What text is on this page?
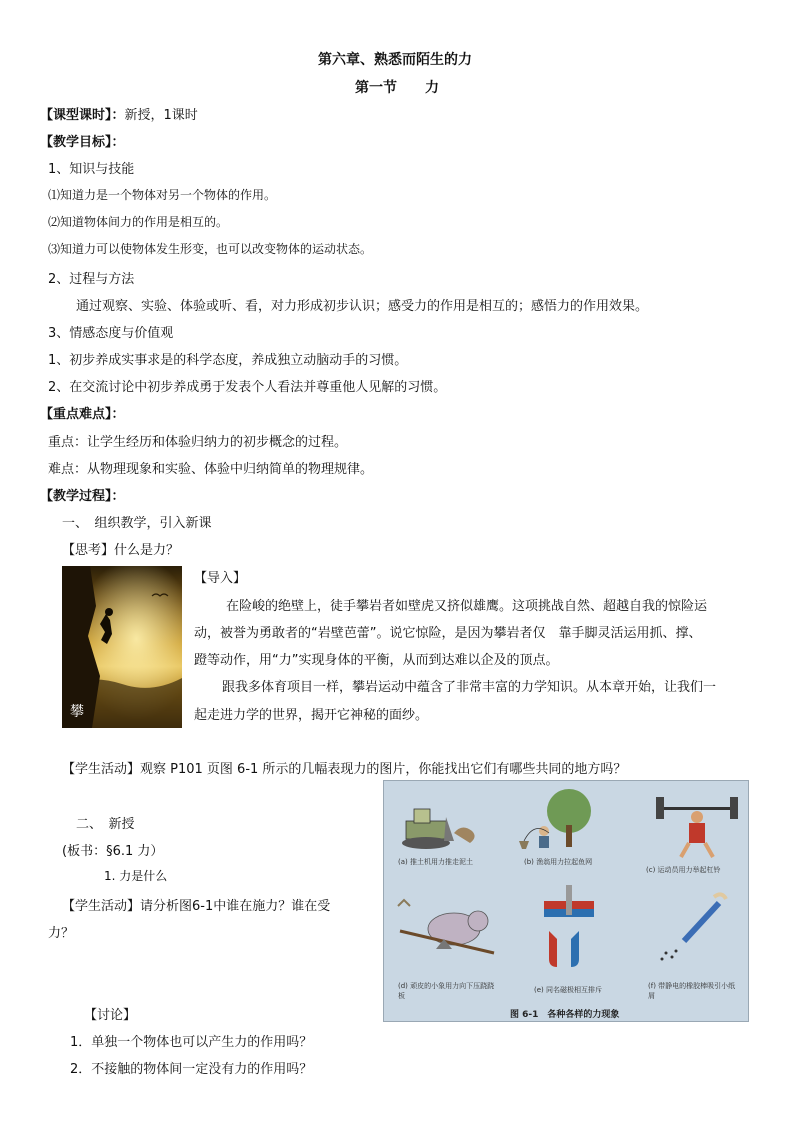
第六章、熟悉而陌生的力
第一节　　力
【课型课时】：新授，1课时
【教学目标】：
1、知识与技能
⑴知道力是一个物体对另一个物体的作用。
⑵知道物体间力的作用是相互的。
⑶知道力可以使物体发生形变，也可以改变物体的运动状态。
2、过程与方法
通过观察、实验、体验或听、看，对力形成初步认识；感受力的作用是相互的；感悟力的作用效果。
3、情感态度与价值观
1、初步养成实事求是的科学态度，养成独立动脑动手的习惯。
2、在交流讨论中初步养成勇于发表个人看法并尊重他人见解的习惯。
【重点难点】：
重点：让学生经历和体验归纳力的初步概念的过程。
难点：从物理现象和实验、体验中归纳简单的物理规律。
【教学过程】：
一、　组织教学，引入新课
【思考】什么是力？
攀
【导入】
在险峻的绝壁上，徒手攀岩者如壁虎又挤似雄鹰。这项挑战自然、超越自我的惊险运
动，被誉为勇敢者的“岩壁芭蕾”。说它惊险，是因为攀岩者仅　靠手脚灵活运用抓、撑、
蹬等动作，用“力”实现身体的平衡，从而到达难以企及的顶点。
跟我多体育项目一样，攀岩运动中蕴含了非常丰富的力学知识。从本章开始，让我们一
起走进力学的世界，揭开它神秘的面纱。
【学生活动】观察 P101 页图 6-1 所示的几幅表现力的图片，你能找出它们有哪些共同的地方吗？
二、　新授
(板书：§6.1 力）
1. 力是什么
【学生活动】请分析图6-1中谁在施力？谁在受
力？
【讨论】
1．单独一个物体也可以产生力的作用吗？
2．不接触的物体间一定没有力的作用吗？
(a) 推土机用力推走泥土	(b) 渔翁用力拉起鱼网
(c) 运动员用力举起杠铃
(d) 顽皮的小象用力向下压跷跷板
(e) 同名磁极相互排斥	(f) 带静电的橡胶棒吸引小纸屑
图 6-1　各种各样的力现象
